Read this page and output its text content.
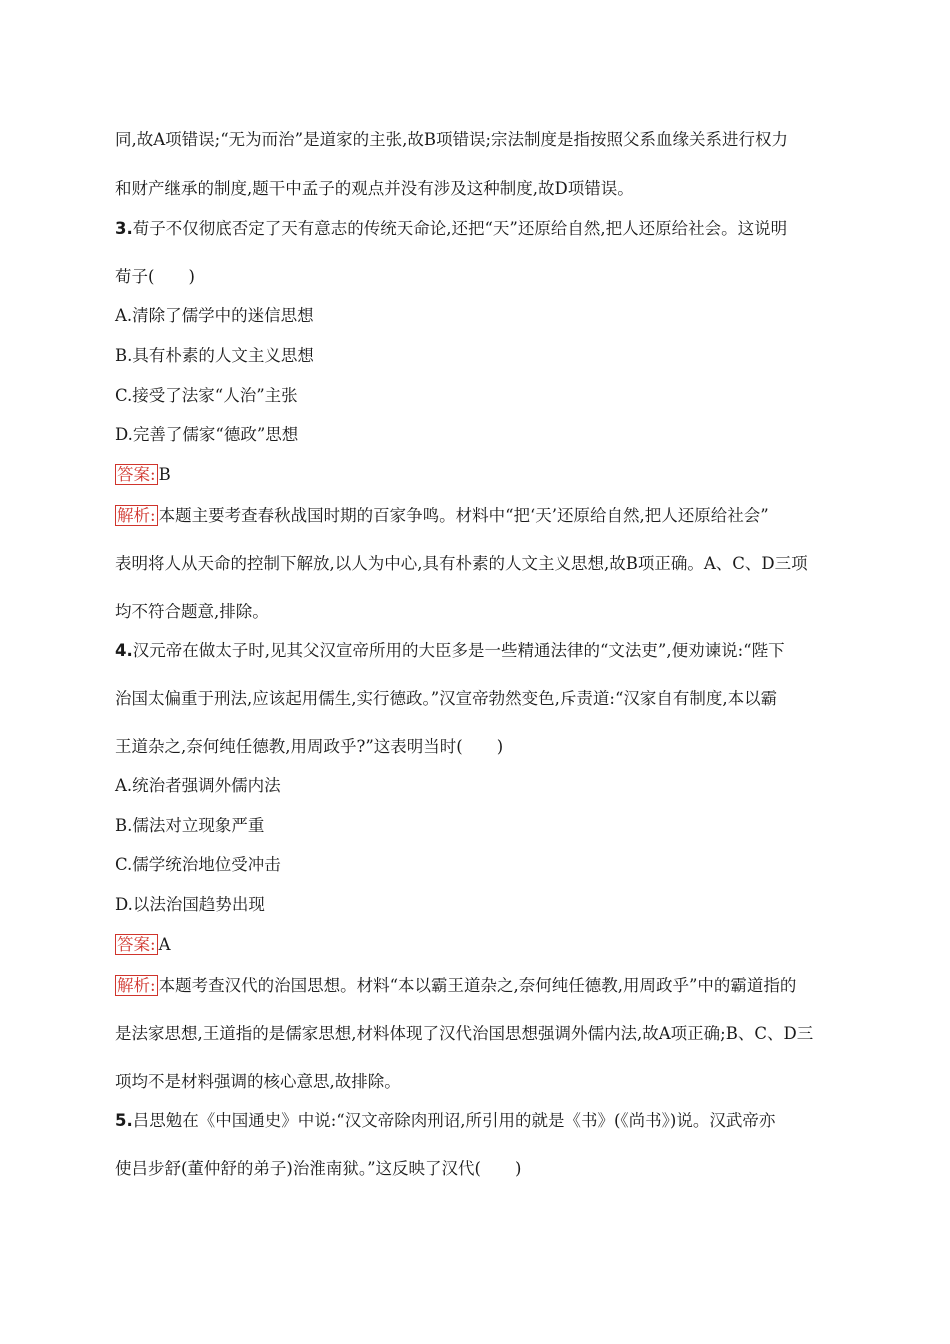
同,故A项错误;“无为而治”是道家的主张,故B项错误;宗法制度是指按照父系血缘关系进行权力
和财产继承的制度,题干中孟子的观点并没有涉及这种制度,故D项错误。
3.荀子不仅彻底否定了天有意志的传统天命论,还把“天”还原给自然,把人还原给社会。这说明
荀子( )
A.清除了儒学中的迷信思想
B.具有朴素的人文主义思想
C.接受了法家“人治”主张
D.完善了儒家“德政”思想
答案: B
解析: 本题主要考查春秋战国时期的百家争鸣。材料中“把‘天’还原给自然,把人还原给社会”
表明将人从天命的控制下解放,以人为中心,具有朴素的人文主义思想,故B项正确。A、C、D三项
均不符合题意,排除。
4.汉元帝在做太子时,见其父汉宣帝所用的大臣多是一些精通法律的“文法吏”,便劝谏说:“陛下
治国太偏重于刑法,应该起用儒生,实行德政。”汉宣帝勃然变色,斥责道:“汉家自有制度,本以霸
王道杂之,奈何纯任德教,用周政乎?”这表明当时( )
A.统治者强调外儒内法
B.儒法对立现象严重
C.儒学统治地位受冲击
D.以法治国趋势出现
答案: A
解析: 本题考查汉代的治国思想。材料“本以霸王道杂之,奈何纯任德教,用周政乎”中的霸道指的
是法家思想,王道指的是儒家思想,材料体现了汉代治国思想强调外儒内法,故A项正确;B、C、D三
项均不是材料强调的核心意思,故排除。
5.吕思勉在《中国通史》中说:“汉文帝除肉刑诏,所引用的就是《书》(《尚书》)说。汉武帝亦
使吕步舒(董仲舒的弟子)治淮南狱。”这反映了汉代( )
